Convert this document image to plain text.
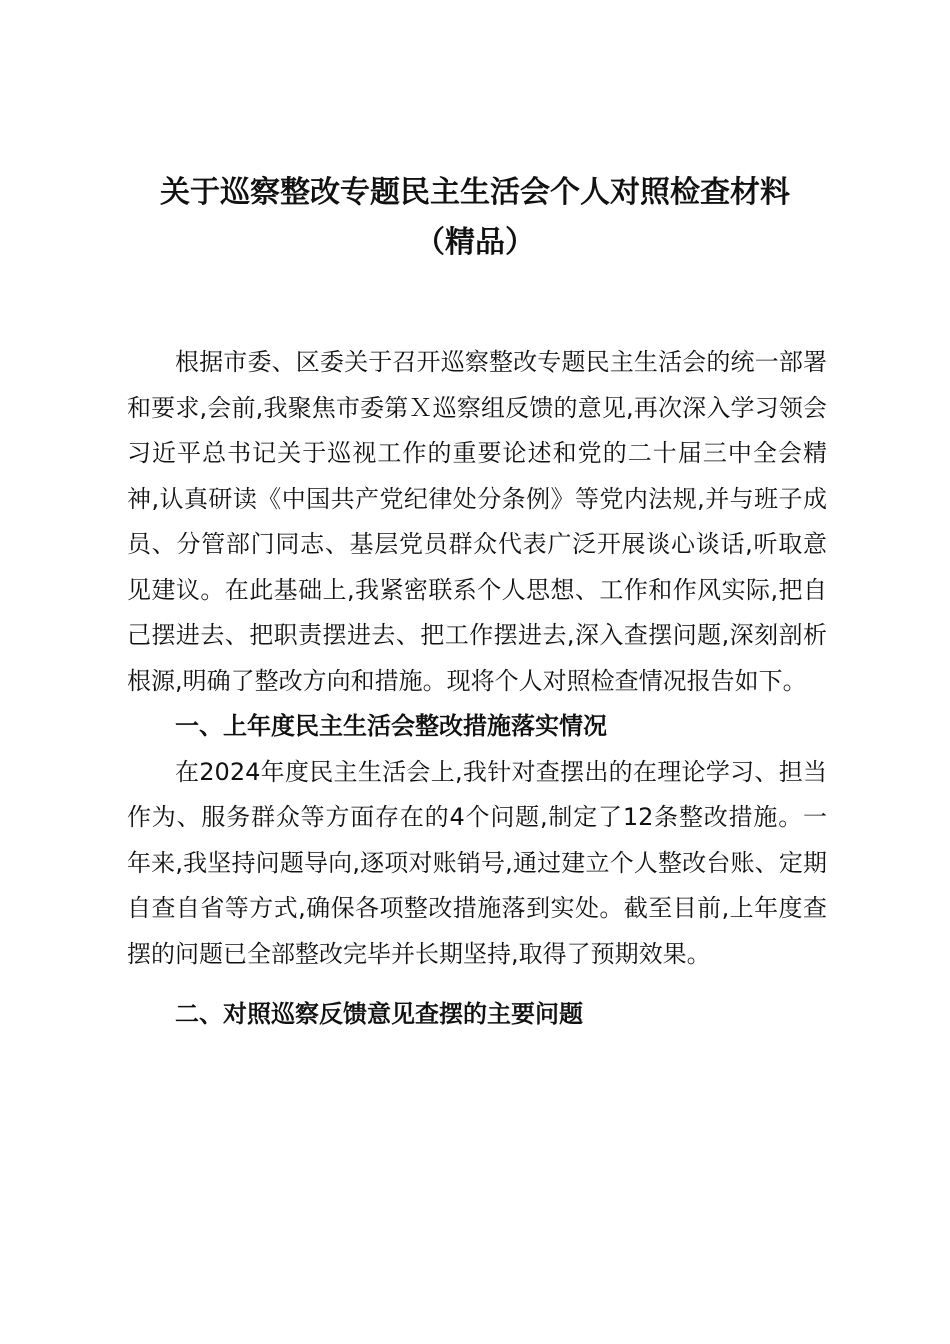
关于巡察整改专题民主生活会个人对照检查材料
（精品）

根据市委、区委关于召开巡察整改专题民主生活会的统一部署和要求,会前,我聚焦市委第Ｘ巡察组反馈的意见,再次深入学习领会习近平总书记关于巡视工作的重要论述和党的二十届三中全会精神,认真研读《中国共产党纪律处分条例》等党内法规,并与班子成员、分管部门同志、基层党员群众代表广泛开展谈心谈话,听取意见建议。在此基础上,我紧密联系个人思想、工作和作风实际,把自己摆进去、把职责摆进去、把工作摆进去,深入查摆问题,深刻剖析根源,明确了整改方向和措施。现将个人对照检查情况报告如下。

一、上年度民主生活会整改措施落实情况

在2024年度民主生活会上,我针对查摆出的在理论学习、担当作为、服务群众等方面存在的4个问题,制定了12条整改措施。一年来,我坚持问题导向,逐项对账销号,通过建立个人整改台账、定期自查自省等方式,确保各项整改措施落到实处。截至目前,上年度查摆的问题已全部整改完毕并长期坚持,取得了预期效果。

二、对照巡察反馈意见查摆的主要问题
